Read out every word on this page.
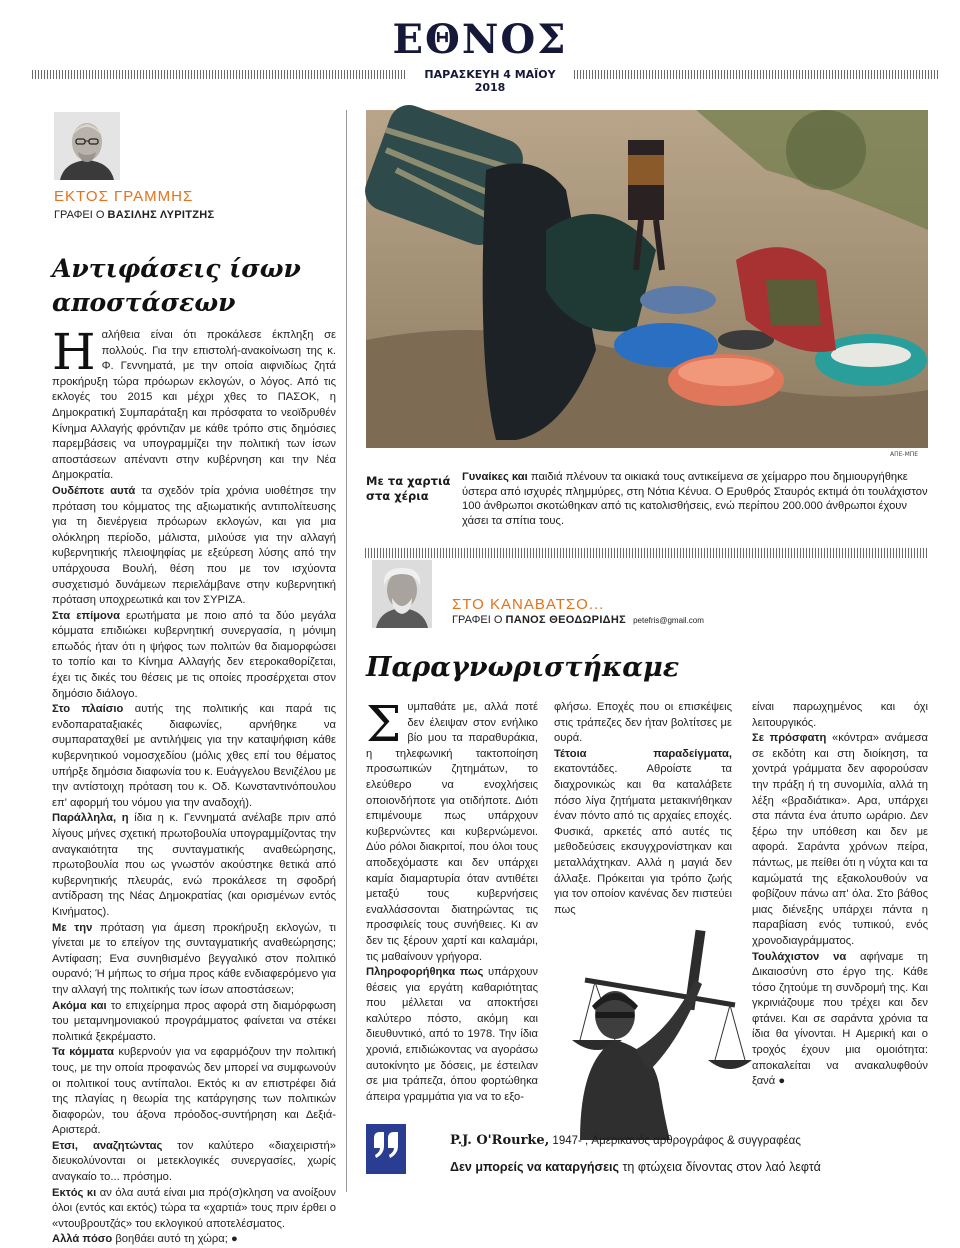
ΕΘΝΟΣ
ΠΑΡΑΣΚΕΥΗ 4 ΜΑΪΟΥ 2018
ΕΚΤΟΣ ΓΡΑΜΜΗΣ
ΓΡΑΦΕΙ Ο ΒΑΣΙΛΗΣ ΛΥΡΙΤΖΗΣ
Αντιφάσεις ίσων
αποστάσεων

Ηαλήθεια είναι ότι προκάλεσε έκπληξη σε πολλούς. Για την επιστολή-ανακοίνωση της κ. Φ. Γεννηματά, με την οποία αιφνιδίως ζητά προκήρυξη τώρα πρόωρων εκλογών, ο λόγος. Από τις εκλογές του 2015 και μέχρι χθες το ΠΑΣΟΚ, η Δημοκρατική Συμπαράταξη και πρόσφατα το νεοϊδρυθέν Κίνημα Αλλαγής φρόντιζαν με κάθε τρόπο στις δημόσιες παρεμβάσεις να υπογραμμίζει την πολιτική των ίσων αποστάσεων απέναντι στην κυβέρνηση και την Νέα Δημοκρατία.

Ουδέποτε αυτά τα σχεδόν τρία χρόνια υιοθέτησε την πρόταση του κόμματος της αξιωματικής αντιπολίτευσης για τη διενέργεια πρόωρων εκλογών, και για μια ολόκληρη περίοδο, μάλιστα, μιλούσε για την αλλαγή κυβερνητικής πλειοψηφίας με εξεύρεση λύσης από την υπάρχουσα Βουλή, θέση που με τον ισχύοντα συσχετισμό δυνάμεων περιελάμβανε στην κυβερνητική πρόταση υποχρεωτικά και τον ΣΥΡΙΖΑ.

Στα επίμονα ερωτήματα με ποιο από τα δύο μεγάλα κόμματα επιδιώκει κυβερνητική συνεργασία, η μόνιμη επωδός ήταν ότι η ψήφος των πολιτών θα διαμορφώσει το τοπίο και το Κίνημα Αλλαγής δεν ετεροκαθορίζεται, έχει τις δικές του θέσεις με τις οποίες προσέρχεται στον δημόσιο διάλογο.

Στο πλαίσιο αυτής της πολιτικής και παρά τις ενδοπαραταξιακές διαφωνίες, αρνήθηκε να συμπαραταχθεί με αντιλήψεις για την καταψήφιση κάθε κυβερνητικού νομοσχεδίου (μόλις χθες επί του θέματος υπήρξε δημόσια διαφωνία του κ. Ευάγγελου Βενιζέλου με την αντίστοιχη πρόταση του κ. Οδ. Κωνσταντινόπουλου επ' αφορμή του νόμου για την αναδοχή).

Παράλληλα, η ίδια η κ. Γεννηματά ανέλαβε πριν από λίγους μήνες σχετική πρωτοβουλία υπογραμμίζοντας την αναγκαιότητα της συνταγματικής αναθεώρησης, πρωτοβουλία που ως γνωστόν ακούστηκε θετικά από κυβερνητικής πλευράς, ενώ προκάλεσε τη σφοδρή αντίδραση της Νέας Δημοκρατίας (και ορισμένων εντός Κινήματος).

Με την πρόταση για άμεση προκήρυξη εκλογών, τι γίνεται με το επείγον της συνταγματικής αναθεώρησης; Αντίφαση; Ενα συνηθισμένο βεγγαλικό στον πολιτικό ουρανό; Ή μήπως το σήμα προς κάθε ενδιαφερόμενο για την αλλαγή της πολιτικής των ίσων αποστάσεων;

Ακόμα και το επιχείρημα προς αφορά στη διαμόρφωση του μεταμνημονιακού προγράμματος φαίνεται να στέκει πολιτικά ξεκρέμαστο.

Τα κόμματα κυβερνούν για να εφαρμόζουν την πολιτική τους, με την οποία προφανώς δεν μπορεί να συμφωνούν οι πολιτικοί τους αντίπαλοι. Εκτός κι αν επιστρέφει διά της πλαγίας η θεωρία της κατάργησης των πολιτικών διαφορών, του άξονα πρόοδος-συντήρηση και Δεξιά-Αριστερά.

Ετσι, αναζητώντας τον καλύτερο «διαχειριστή» διευκολύνονται οι μετεκλογικές συνεργασίες, χωρίς αναγκαίο το... πρόσημο.

Εκτός κι αν όλα αυτά είναι μια πρό(σ)κληση να ανοίξουν όλοι (εντός και εκτός) τώρα τα «χαρτιά» τους πριν έρθει ο «ντουβρουτζάς» του εκλογικού αποτελέσματος.

Αλλά πόσο βοηθάει αυτό τη χώρα; ●

ΑΠΕ-ΜΠΕ
Με τα χαρτιά στα χέρια
Γυναίκες και παιδιά πλένουν τα οικιακά τους αντικείμενα σε χείμαρρο που δημιουργήθηκε ύστερα από ισχυρές πλημμύρες, στη Νότια Κένυα. Ο Ερυθρός Σταυρός εκτιμά ότι τουλάχιστον 100 άνθρωποι σκοτώθηκαν από τις κατολισθήσεις, ενώ περίπου 200.000 άνθρωποι έχουν χάσει τα σπίτια τους.
ΣΤΟ ΚΑΝΑΒΑΤΣΟ...
ΓΡΑΦΕΙ Ο ΠΑΝΟΣ ΘΕΟΔΩΡΙΔΗΣ petefris@gmail.com
Παραγνωριστήκαμε

Συμπαθάτε με, αλλά ποτέ δεν έλειψαν στον ενήλικο βίο μου τα παραθυράκια, η τηλεφωνική τακτοποίηση προσωπικών ζητημάτων, το ελεύθερο να ενοχλήσεις οποιονδήποτε για οτιδήποτε. Διότι επιμένουμε πως υπάρχουν κυβερνώντες και κυβερνώμενοι. Δύο ρόλοι διακριτοί, που όλοι τους αποδεχόμαστε και δεν υπάρχει καμία διαμαρτυρία όταν αντιθέτει μεταξύ τους κυβερνήσεις εναλλάσσονται διατηρώντας τις προσφιλείς τους συνήθειες. Κι αν δεν τις ξέρουν χαρτί και καλαμάρι, τις μαθαίνουν γρήγορα.

Πληροφορήθηκα πως υπάρχουν θέσεις για εργάτη καθαριότητας που μέλλεται να αποκτήσει καλύτερο πόστο, ακόμη και διευθυντικό, από το 1978. Την ίδια χρονιά, επιδιώκοντας να αγοράσω αυτοκίνητο με δόσεις, με έστειλαν σε μια τράπεζα, όπου φορτώθηκα άπειρα γραμμάτια για να το εξο-

φλήσω. Εποχές που οι επισκέψεις στις τράπεζες δεν ήταν βολτίτσες με ουρά.

Τέτοια παραδείγματα, εκατοντάδες. Αθροίστε τα διαχρονικώς και θα καταλάβετε πόσο λίγα ζητήματα μετακινήθηκαν έναν πόντο από τις αρχαίες εποχές. Φυσικά, αρκετές από αυτές τις μεθοδεύσεις εκσυγχρονίστηκαν και μεταλλάχτηκαν. Αλλά η μαγιά δεν άλλαξε. Πρόκειται για τρόπο ζωής για τον οποίον κανένας δεν πιστεύει πως

είναι παρωχημένος και όχι λειτουργικός.

Σε πρόσφατη «κόντρα» ανάμεσα σε εκδότη και στη διοίκηση, τα χοντρά γράμματα δεν αφορούσαν την πράξη ή τη συνομιλία, αλλά τη λέξη «βραδιάτικα». Αρα, υπάρχει στα πάντα ένα άτυπο ωράριο. Δεν ξέρω την υπόθεση και δεν με αφορά. Σαράντα χρόνων πείρα, πάντως, με πείθει ότι η νύχτα και τα καμώματά της εξακολουθούν να φοβίζουν πάνω απ' όλα. Στο βάθος μιας διένεξης υπάρχει πάντα η παραβίαση ενός τυπικού, ενός χρονοδιαγράμματος.

Τουλάχιστον να αφήναμε τη Δικαιοσύνη στο έργο της. Κάθε τόσο ζητούμε τη συνδρομή της. Και γκρινιάζουμε που τρέχει και δεν φτάνει. Και σε σαράντα χρόνια τα ίδια θα γίνονται. Η Αμερική και ο τροχός έχουν μια ομοιότητα: αποκαλείται να ανακαλυφθούν ξανά ●

P.J. O'Rourke, 1947- , Αμερικανός αρθρογράφος & συγγραφέας
Δεν μπορείς να καταργήσεις τη φτώχεια δίνοντας στον λαό λεφτά
